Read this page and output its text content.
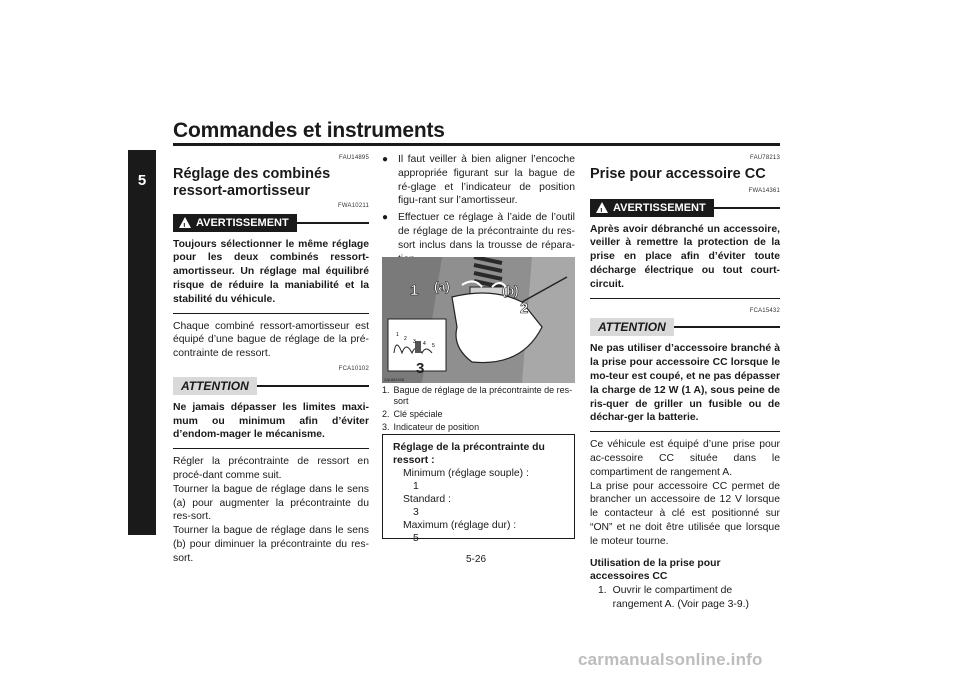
Commandes et instruments
5
FAU14895
Réglage des combinés ressort-amortisseur
FWA10211
! AVERTISSEMENT

Toujours sélectionner le même réglage pour les deux combinés ressort-amortisseur. Un réglage mal équilibré risque de réduire la maniabilité et la stabilité du véhicule.

Chaque combiné ressort-amortisseur est équipé d’une bague de réglage de la pré-contrainte de ressort.

FCA10102
ATTENTION

Ne jamais dépasser les limites maxi-mum ou minimum afin d’éviter d’endom-mager le mécanisme.

Régler la précontrainte de ressort en procé-dant comme suit.
Tourner la bague de réglage dans le sens (a) pour augmenter la précontrainte du res-sort.
Tourner la bague de réglage dans le sens (b) pour diminuer la précontrainte du res-sort.
● Il faut veiller à bien aligner l’encoche appropriée figurant sur la bague de ré-glage et l’indicateur de position figu-rant sur l’amortisseur.
● Effectuer ce réglage à l’aide de l’outil de réglage de la précontrainte du res-sort inclus dans la trousse de répara-
1
2 3 4 5
ZAUM1928
1
2
3
(a)	(b)
1. Bague de réglage de la précontrainte de res-sort
2. Clé spéciale
3. Indicateur de position
Réglage de la précontrainte du ressort :
Minimum (réglage souple) :
1
Standard :
3
Maximum (réglage dur) :
5
FAU78213
Prise pour accessoire CC
FWA14361
! AVERTISSEMENT

Après avoir débranché un accessoire, veiller à remettre la protection de la prise en place afin d’éviter toute décharge électrique ou tout court-circuit.

FCA15432
ATTENTION

Ne pas utiliser d’accessoire branché à la prise pour accessoire CC lorsque le mo-teur est coupé, et ne pas dépasser la charge de 12 W (1 A), sous peine de ris-quer de griller un fusible ou de déchar-ger la batterie.

Ce véhicule est équipé d’une prise pour ac-cessoire CC située dans le compartiment de rangement A.
La prise pour accessoire CC permet de brancher un accessoire de 12 V lorsque le contacteur à clé est positionné sur “ON” et ne doit être utilisée que lorsque le moteur tourne.
Utilisation de la prise pour accessoires CC
1. Ouvrir le compartiment de rangement A. (Voir page 3-9.)
5-26
carmanualsonline.info
